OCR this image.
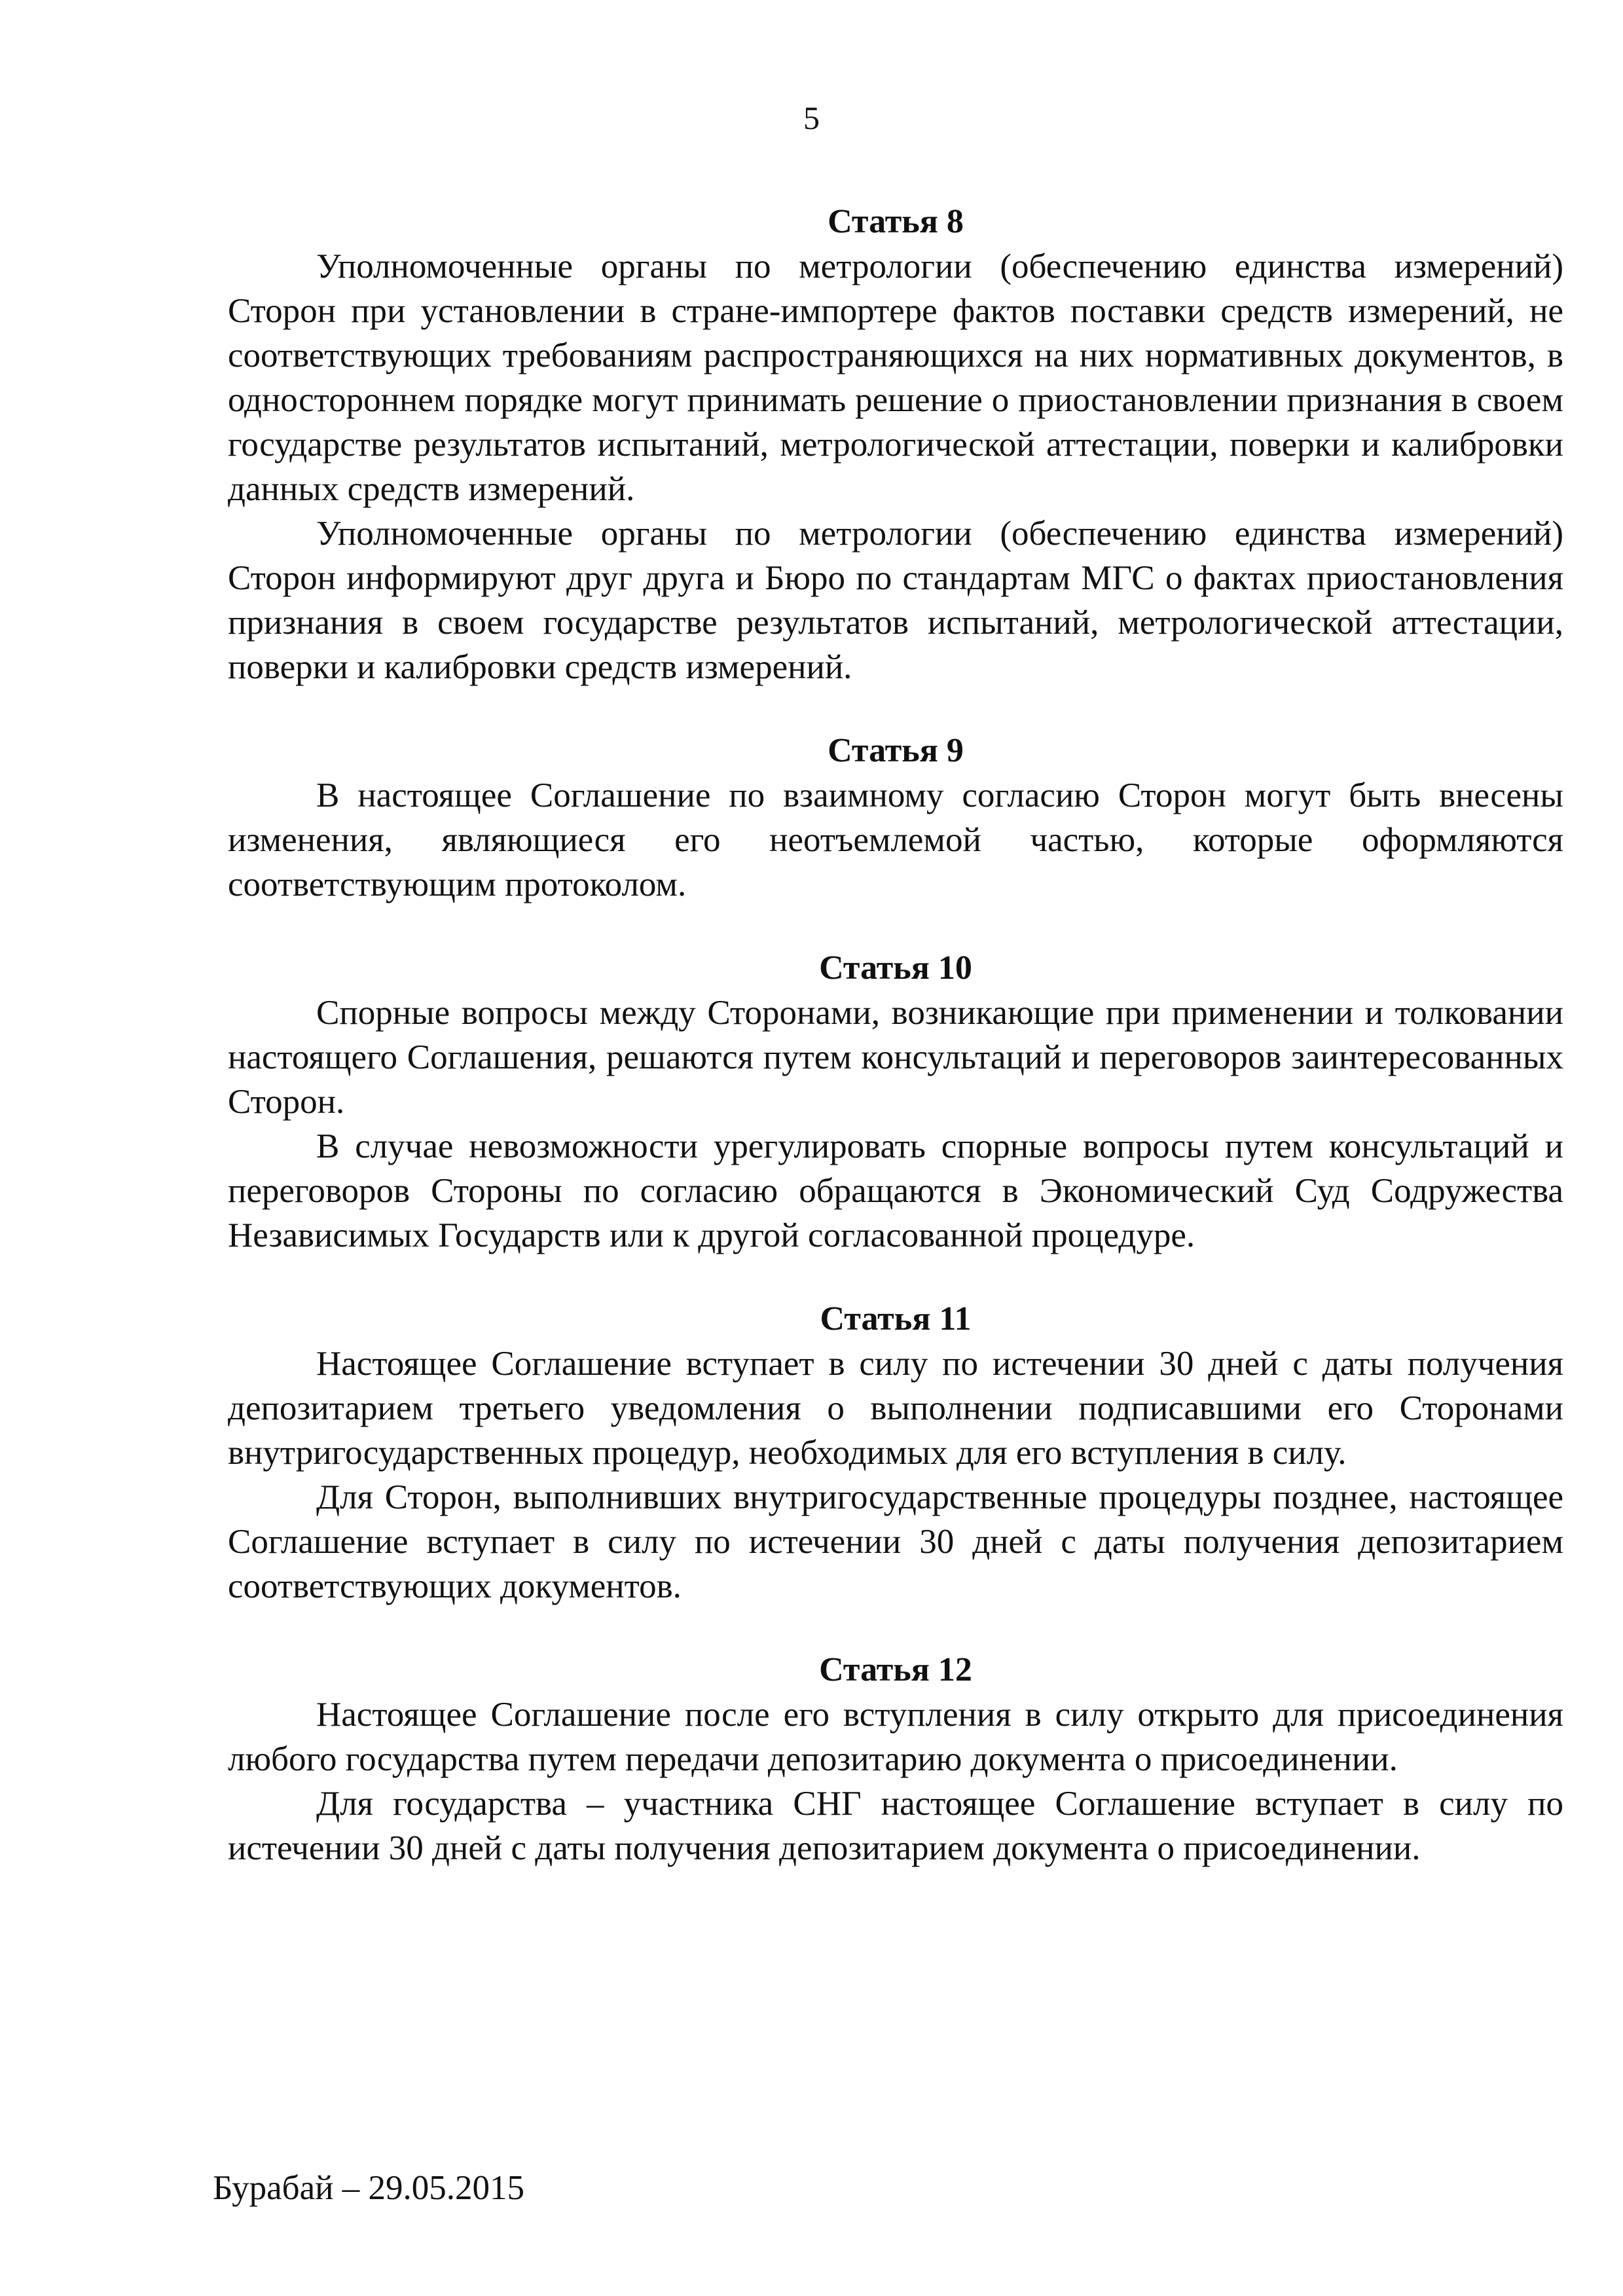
5
Статья 8

Уполномоченные органы по метрологии (обеспечению единства измерений) Сторон при установлении в стране-импортере фактов поставки средств измерений, не соответствующих требованиям распространяющихся на них нормативных документов, в одностороннем порядке могут принимать решение о приостановлении признания в своем государстве результатов испытаний, метрологической аттестации, поверки и калибровки данных средств измерений.

Уполномоченные органы по метрологии (обеспечению единства измерений) Сторон информируют друг друга и Бюро по стандартам МГС о фактах приостановления признания в своем государстве результатов испытаний, метрологической аттестации, поверки и калибровки средств измерений.

Статья 9

В настоящее Соглашение по взаимному согласию Сторон могут быть внесены изменения, являющиеся его неотъемлемой частью, которые оформляются соответствующим протоколом.

Статья 10

Спорные вопросы между Сторонами, возникающие при применении и толковании настоящего Соглашения, решаются путем консультаций и переговоров заинтересованных Сторон.

В случае невозможности урегулировать спорные вопросы путем консультаций и переговоров Стороны по согласию обращаются в Экономический Суд Содружества Независимых Государств или к другой согласованной процедуре.

Статья 11

Настоящее Соглашение вступает в силу по истечении 30 дней с даты получения депозитарием третьего уведомления о выполнении подписавшими его Сторонами внутригосударственных процедур, необходимых для его вступления в силу.

Для Сторон, выполнивших внутригосударственные процедуры позднее, настоящее Соглашение вступает в силу по истечении 30 дней с даты получения депозитарием соответствующих документов.

Статья 12

Настоящее Соглашение после его вступления в силу открыто для присоединения любого государства путем передачи депозитарию документа о присоединении.

Для государства – участника СНГ настоящее Соглашение вступает в силу по истечении 30 дней с даты получения депозитарием документа о присоединении.

Бурабай – 29.05.2015
